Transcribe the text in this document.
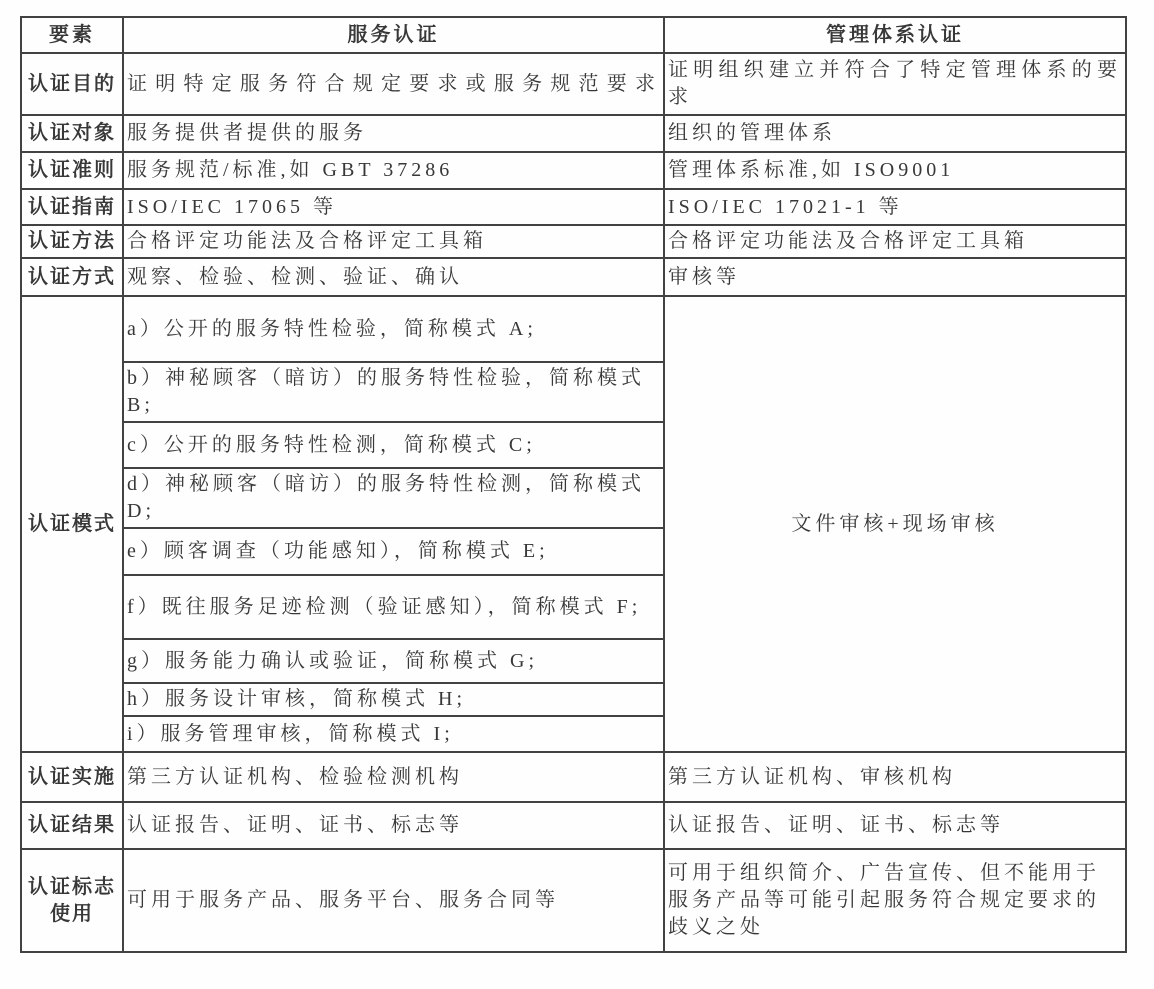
要素	服务认证	管理体系认证
认证目的	证明特定服务符合规定要求或服务规范要求	证明组织建立并符合了特定管理体系的要求
认证对象	服务提供者提供的服务	组织的管理体系
认证准则	服务规范/标准,如 GBT 37286	管理体系标准,如 ISO9001
认证指南	ISO/IEC 17065 等	ISO/IEC 17021-1 等
认证方法	合格评定功能法及合格评定工具箱	合格评定功能法及合格评定工具箱
认证方式	观察、检验、检测、验证、确认	审核等
认证模式	a）公开的服务特性检验，简称模式 A;	文件审核+现场审核
	b）神秘顾客（暗访）的服务特性检验，简称模式 B;	
	c）公开的服务特性检测，简称模式 C;	
	d）神秘顾客（暗访）的服务特性检测，简称模式 D;	
	e）顾客调查（功能感知），简称模式 E;	
	f）既往服务足迹检测（验证感知），简称模式 F;	
	g）服务能力确认或验证，简称模式 G;	
	h）服务设计审核，简称模式 H;	
	i）服务管理审核，简称模式 I;	
认证实施	第三方认证机构、检验检测机构	第三方认证机构、审核机构
认证结果	认证报告、证明、证书、标志等	认证报告、证明、证书、标志等
认证标志使用	可用于服务产品、服务平台、服务合同等	可用于组织简介、广告宣传、但不能用于服务产品等可能引起服务符合规定要求的歧义之处
